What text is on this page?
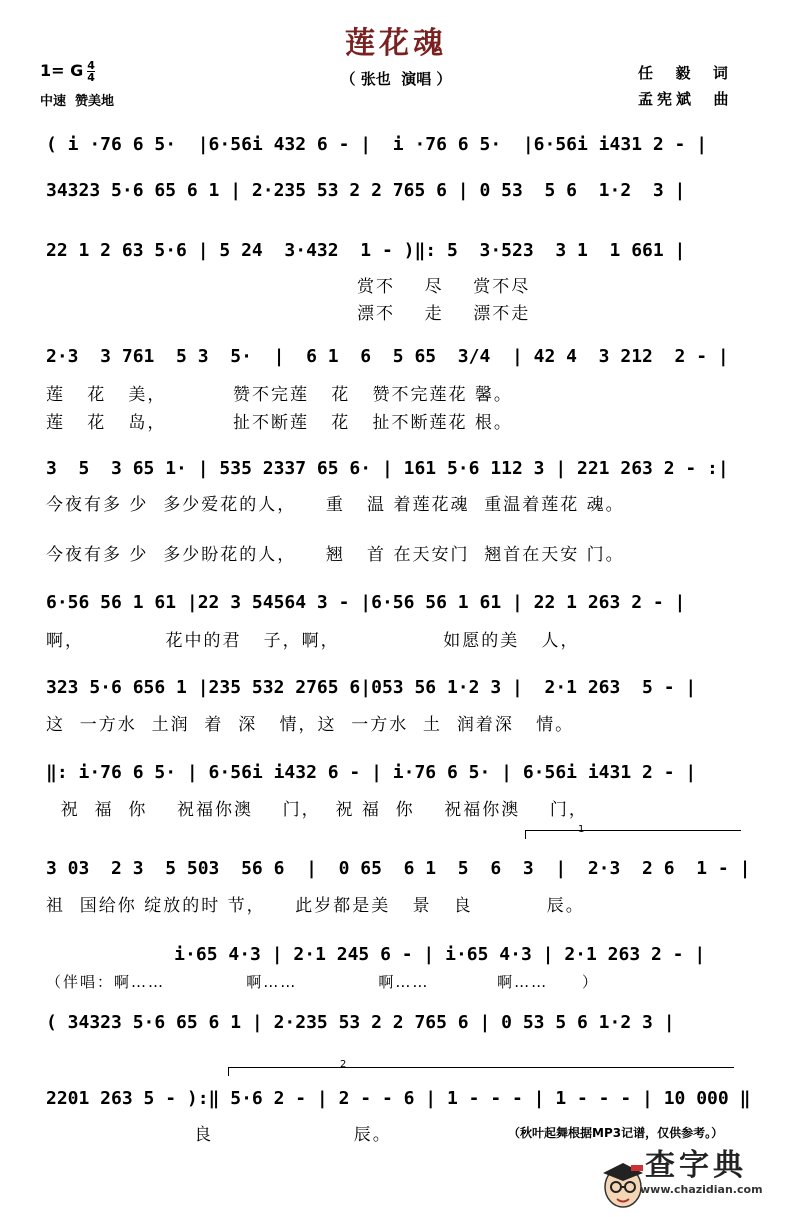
莲花魂
（ 张也  演唱 ）
1= G $\frac{4}{4}$
中速  赞美地
任  毅  词
孟宪斌  曲
( i ·76 6 5·  |6·56i 432 6 - |  i ·76 6 5·  |6·56i i431 2 - |
34323 5·6 65 6 1 | 2·235 53 2 2 765 6 | 0 53  5 6  1·2  3 |
22 1 2 63 5·6 | 5 24  3·432  1 - )‖: 5  3·523  3 1  1 661 |
赏不    尽    赏不尽
漂不    走    漂不走
2·3  3 761  5 3  5·  |  6 1  6  5 65  3/4  | 42 4  3 212  2 - |
莲   花   美，         赞不完莲   花   赞不完莲花 馨。
莲   花   岛，         扯不断莲   花   扯不断莲花 根。
3  5  3 65 1· | 535 2337 65 6· | 161 5·6 112 3 | 221 263 2 - :|
今夜有多 少  多少爱花的人，    重   温 着莲花魂  重温着莲花 魂。
今夜有多 少  多少盼花的人，    翘   首 在天安门  翘首在天安 门。
6·56 56 1 61 |22 3 54564 3 - |6·56 56 1 61 | 22 1 263 2 - |
啊，           花中的君   子，啊，              如愿的美   人，
323 5·6 656 1 |235 532 2765 6|053 56 1·2 3 |  2·1 263  5 - |
这  一方水  土润  着  深   情，这  一方水  土  润着深   情。
‖: i·76 6 5· | 6·56i i432 6 - | i·76 6 5· | 6·56i i431 2 - |
祝  福  你    祝福你澳    门，  祝 福  你    祝福你澳    门，
1
3 03  2 3  5 503  56 6  |  0 65  6 1  5  6  3  |  2·3  2 6  1 - |
祖  国给你 绽放的时 节，    此岁都是美   景   良          辰。
i·65 4·3 | 2·1 245 6 - | i·65 4·3 | 2·1 263 2 - |
（伴唱：啊……            啊……            啊……          啊……     ）
( 34323 5·6 65 6 1 | 2·235 53 2 2 765 6 | 0 53 5 6 1·2 3 |
2
2201 263 5 - ):‖ 5·6 2 - | 2 - - 6 | 1 - - - | 1 - - - | 10 000 ‖
良                   辰。	（秋叶起舞根据MP3记谱，仅供参考。）

查字典
www.chazidian.com
